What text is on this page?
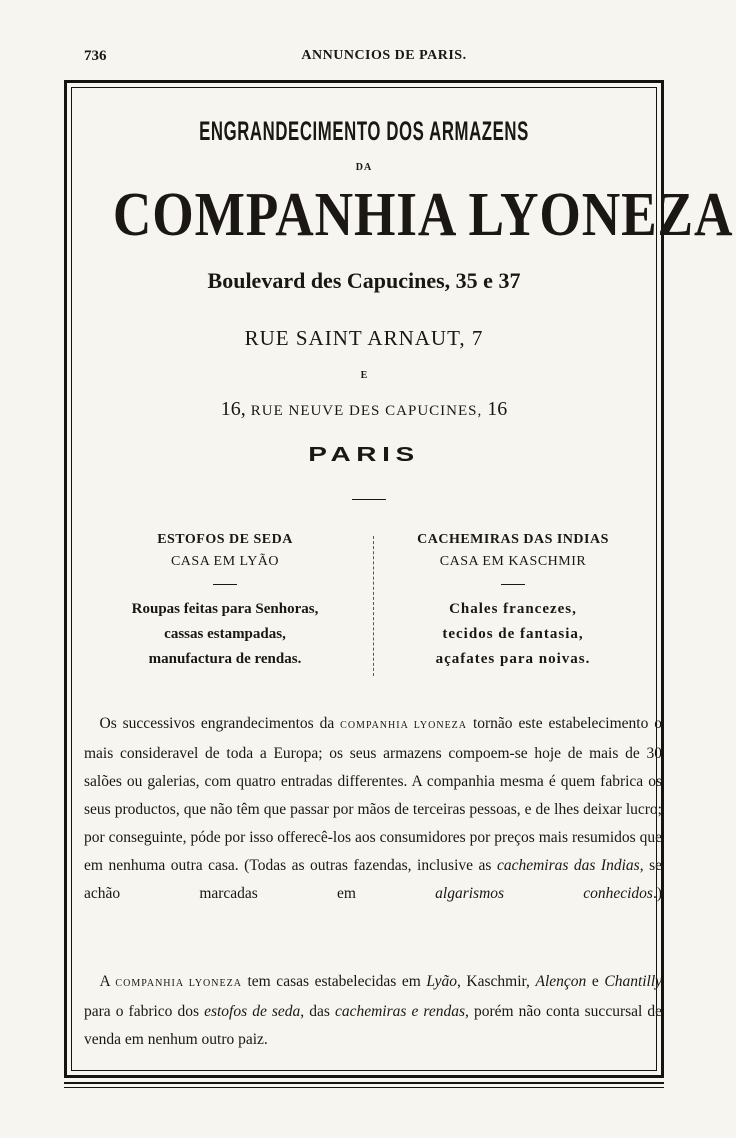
736	ANNUNCIOS DE PARIS.
ENGRANDECIMENTO DOS ARMAZENS
DA
COMPANHIA LYONEZA
Boulevard des Capucines, 35 e 37
RUE SAINT ARNAUT, 7
E
16, RUE NEUVE DES CAPUCINES, 16
PARIS
ESTOFOS DE SEDA
CASA EM LYÃO
Roupas feitas para Senhoras,
cassas estampadas,
manufactura de rendas.
CACHEMIRAS DAS INDIAS
CASA EM KASCHMIR
Chales francezes,
tecidos de fantasia,
açafates para noivas.
 Os successivos engrandecimentos da COMPANHIA LYONEZA tornão este estabelecimento o mais consideravel de toda a Europa; os seus armazens compoem-se hoje de mais de 30 salões ou galerias, com quatro entradas differentes. A companhia mesma é quem fabrica os seus productos, que não têm que passar por mãos de terceiras pessoas, e de lhes deixar lucro; por conseguinte, póde por isso offerecê-los aos consumidores por preços mais resumidos que em nenhuma outra casa. (Todas as outras fazendas, inclusive as cachemiras das Indias, se achão marcadas em	algarismos conhecidos.)
 A COMPANHIA LYONEZA tem casas estabelecidas em Lyão, Kaschmir, Alençon e Chantilly para o fabrico dos estofos de seda, das cachemiras e rendas, porém não conta succursal de venda em nenhum outro paiz.
